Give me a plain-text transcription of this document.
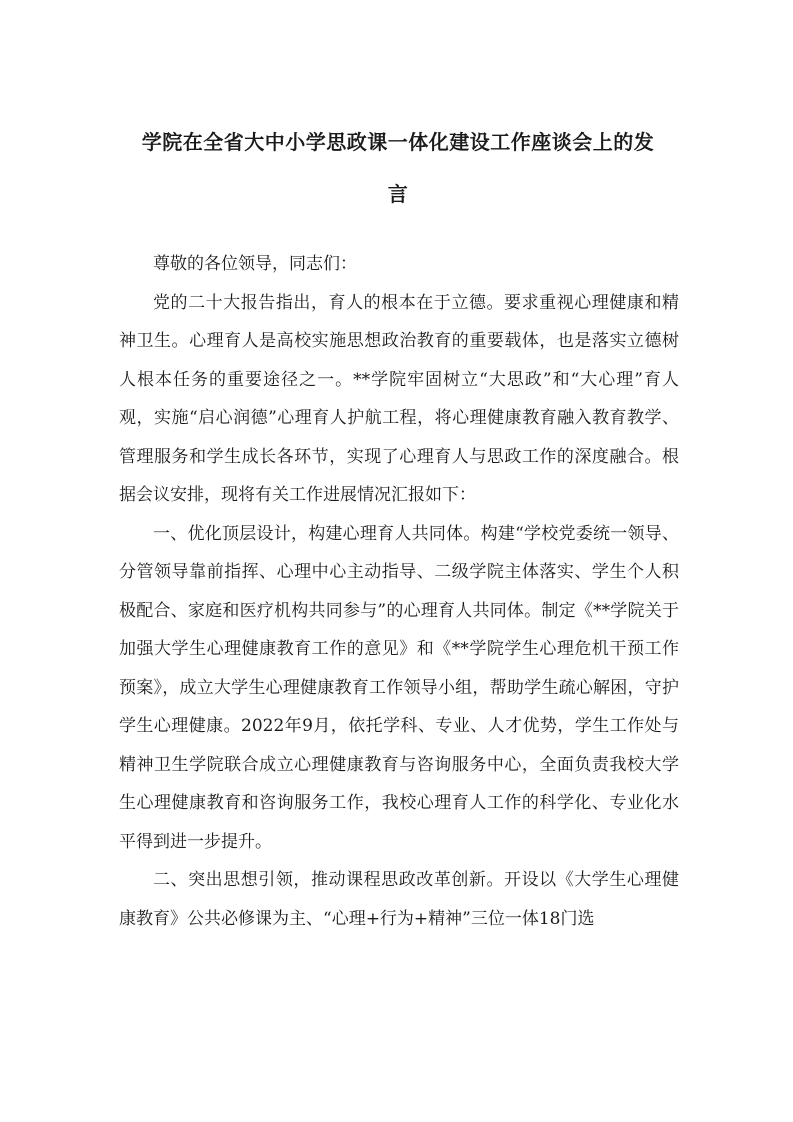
学院在全省大中小学思政课一体化建设工作座谈会上的发
言

尊敬的各位领导，同志们：

党的二十大报告指出，育人的根本在于立德。要求重视心理健康和精神卫生。心理育人是高校实施思想政治教育的重要载体，也是落实立德树人根本任务的重要途径之一。**学院牢固树立“大思政”和“大心理”育人观，实施“启心润德”心理育人护航工程，将心理健康教育融入教育教学、管理服务和学生成长各环节，实现了心理育人与思政工作的深度融合。根据会议安排，现将有关工作进展情况汇报如下：

一、优化顶层设计，构建心理育人共同体。构建“学校党委统一领导、分管领导靠前指挥、心理中心主动指导、二级学院主体落实、学生个人积极配合、家庭和医疗机构共同参与”的心理育人共同体。制定《**学院关于加强大学生心理健康教育工作的意见》和《**学院学生心理危机干预工作预案》，成立大学生心理健康教育工作领导小组，帮助学生疏心解困，守护学生心理健康。2022年9月，依托学科、专业、人才优势，学生工作处与精神卫生学院联合成立心理健康教育与咨询服务中心，全面负责我校大学生心理健康教育和咨询服务工作，我校心理育人工作的科学化、专业化水平得到进一步提升。

二、突出思想引领，推动课程思政改革创新。开设以《大学生心理健康教育》公共必修课为主、“心理+行为+精神”三位一体18门选
